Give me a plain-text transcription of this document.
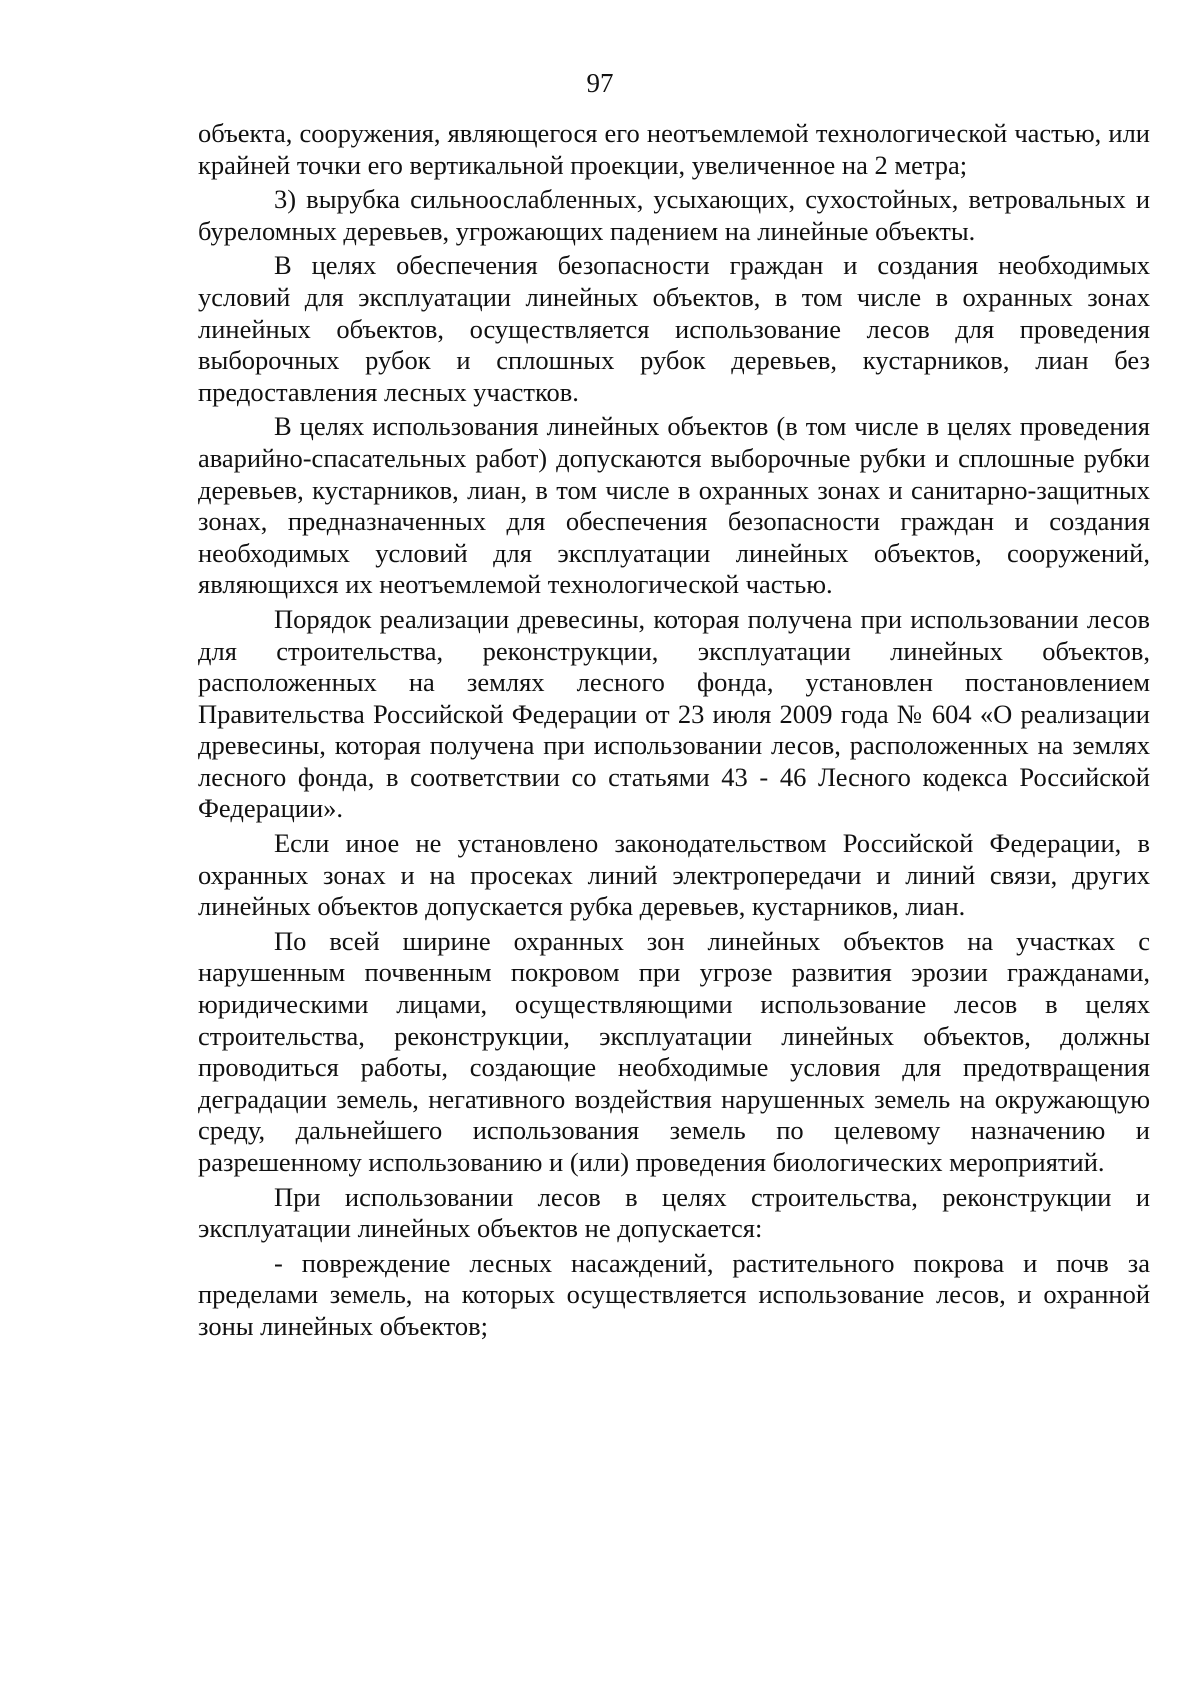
97

объекта, сооружения, являющегося его неотъемлемой технологической частью, или крайней точки его вертикальной проекции, увеличенное на 2 метра;

3) вырубка сильноослабленных, усыхающих, сухостойных, ветровальных и буреломных деревьев, угрожающих падением на линейные объекты.

В целях обеспечения безопасности граждан и создания необходимых условий для эксплуатации линейных объектов, в том числе в охранных зонах линейных объектов, осуществляется использование лесов для проведения выборочных рубок и сплошных рубок деревьев, кустарников, лиан без предоставления лесных участков.

В целях использования линейных объектов (в том числе в целях проведения аварийно-спасательных работ) допускаются выборочные рубки и сплошные рубки деревьев, кустарников, лиан, в том числе в охранных зонах и санитарно-защитных зонах, предназначенных для обеспечения безопасности граждан и создания необходимых условий для эксплуатации линейных объектов, сооружений, являющихся их неотъемлемой технологической частью.

Порядок реализации древесины, которая получена при использовании лесов для строительства, реконструкции, эксплуатации линейных объектов, расположенных на землях лесного фонда, установлен постановлением Правительства Российской Федерации от 23 июля 2009 года № 604 «О реализации древесины, которая получена при использовании лесов, расположенных на землях лесного фонда, в соответствии со статьями 43 - 46 Лесного кодекса Российской Федерации».

Если иное не установлено законодательством Российской Федерации, в охранных зонах и на просеках линий электропередачи и линий связи, других линейных объектов допускается рубка деревьев, кустарников, лиан.

По всей ширине охранных зон линейных объектов на участках с нарушенным почвенным покровом при угрозе развития эрозии гражданами, юридическими лицами, осуществляющими использование лесов в целях строительства, реконструкции, эксплуатации линейных объектов, должны проводиться работы, создающие необходимые условия для предотвращения деградации земель, негативного воздействия нарушенных земель на окружающую среду, дальнейшего использования земель по целевому назначению и разрешенному использованию и (или) проведения биологических мероприятий.

При использовании лесов в целях строительства, реконструкции и эксплуатации линейных объектов не допускается:

- повреждение лесных насаждений, растительного покрова и почв за пределами земель, на которых осуществляется использование лесов, и охранной зоны линейных объектов;
